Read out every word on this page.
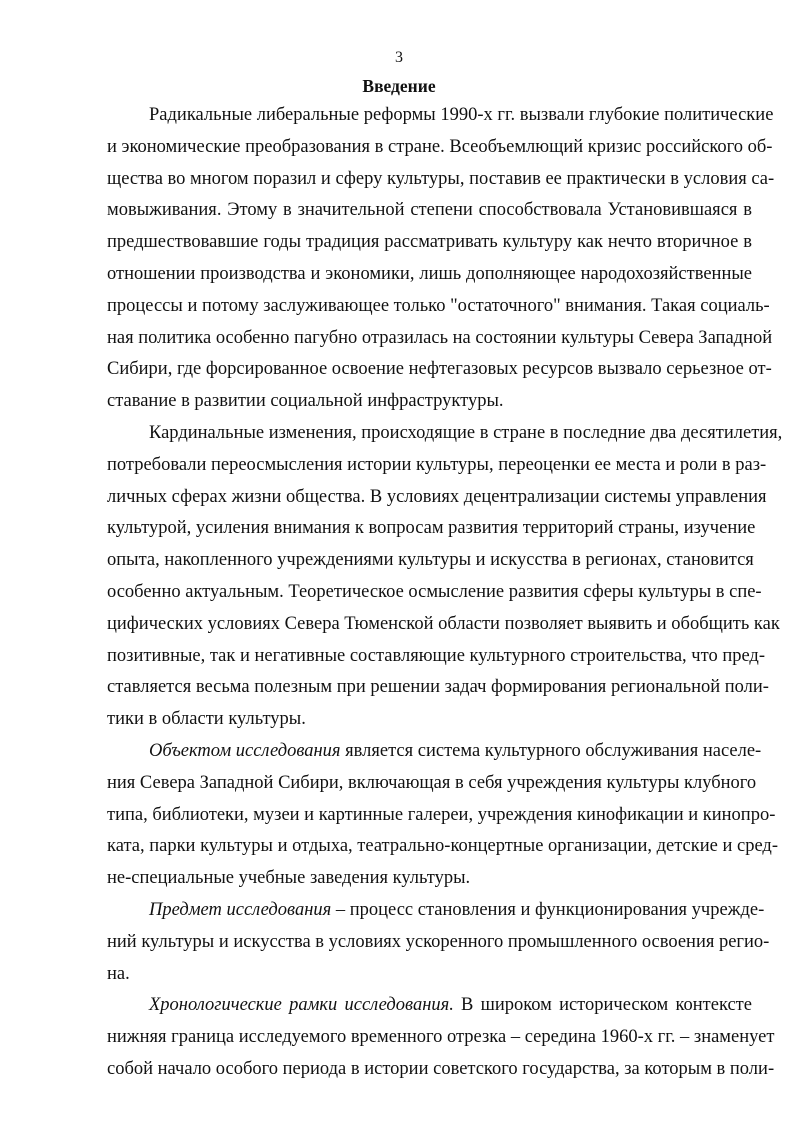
3
Введение

Радикальные либеральные реформы 1990-х гг. вызвали глубокие политические
и экономические преобразования в стране. Всеобъемлющий кризис российского об-
щества во многом поразил и сферу культуры, поставив ее практически в условия са-
мовыживания. Этому в значительной степени способствовала Установившаяся в
предшествовавшие годы традиция рассматривать культуру как нечто вторичное в
отношении производства и экономики, лишь дополняющее народохозяйственные
процессы и потому заслуживающее только "остаточного" внимания. Такая социаль-
ная политика особенно пагубно отразилась на состоянии культуры Севера Западной
Сибири, где форсированное освоение нефтегазовых ресурсов вызвало серьезное от-
ставание в развитии социальной инфраструктуры.

Кардинальные изменения, происходящие в стране в последние два десятилетия,
потребовали переосмысления истории культуры, переоценки ее места и роли в раз-
личных сферах жизни общества. В условиях децентрализации системы управления
культурой, усиления внимания к вопросам развития территорий страны, изучение
опыта, накопленного учреждениями культуры и искусства в регионах, становится
особенно актуальным. Теоретическое осмысление развития сферы культуры в спе-
цифических условиях Севера Тюменской области позволяет выявить и обобщить как
позитивные, так и негативные составляющие культурного строительства, что пред-
ставляется весьма полезным при решении задач формирования региональной поли-
тики в области культуры.

Объектом исследования является система культурного обслуживания населе-
ния Севера Западной Сибири, включающая в себя учреждения культуры клубного
типа, библиотеки, музеи и картинные галереи, учреждения кинофикации и кинопро-
ката, парки культуры и отдыха, театрально-концертные организации, детские и сред-
не-специальные учебные заведения культуры.

Предмет исследования – процесс становления и функционирования учрежде-
ний культуры и искусства в условиях ускоренного промышленного освоения регио-
на.

Хронологические рамки исследования. В широком историческом контексте
нижняя граница исследуемого временного отрезка – середина 1960-х гг. – знаменует
собой начало особого периода в истории советского государства, за которым в поли-
